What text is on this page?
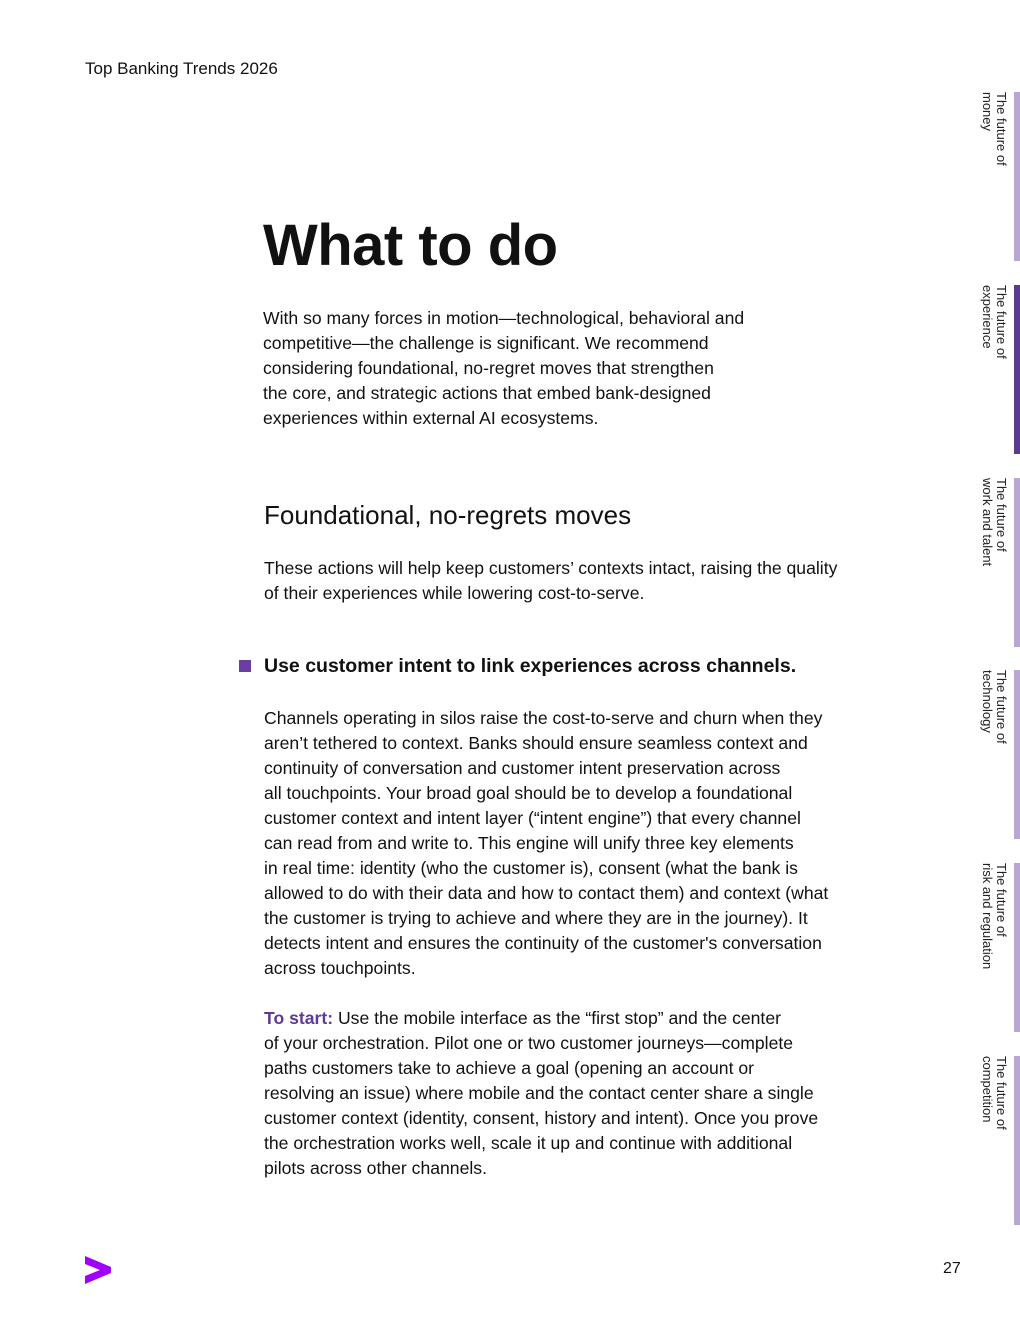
Top Banking Trends 2026
What to do

With so many forces in motion—technological, behavioral and
competitive—the challenge is significant. We recommend
considering foundational, no-regret moves that strengthen
the core, and strategic actions that embed bank-designed
experiences within external AI ecosystems.

Foundational, no-regrets moves

These actions will help keep customers’ contexts intact, raising the quality
of their experiences while lowering cost-to-serve.

Use customer intent to link experiences across channels.

Channels operating in silos raise the cost-to-serve and churn when they
aren’t tethered to context. Banks should ensure seamless context and
continuity of conversation and customer intent preservation across
all touchpoints. Your broad goal should be to develop a foundational
customer context and intent layer (“intent engine”) that every channel
can read from and write to. This engine will unify three key elements
in real time: identity (who the customer is), consent (what the bank is
allowed to do with their data and how to contact them) and context (what
the customer is trying to achieve and where they are in the journey). It
detects intent and ensures the continuity of the customer's conversation
across touchpoints.

To start: Use the mobile interface as the “first stop” and the center
of your orchestration. Pilot one or two customer journeys—complete
paths customers take to achieve a goal (opening an account or
resolving an issue) where mobile and the contact center share a single
customer context (identity, consent, history and intent). Once you prove
the orchestration works well, scale it up and continue with additional
pilots across other channels.

The future of
money
The future of
experience
The future of
work and talent
The future of
technology
The future of
risk and regulation
The future of
competition
27
